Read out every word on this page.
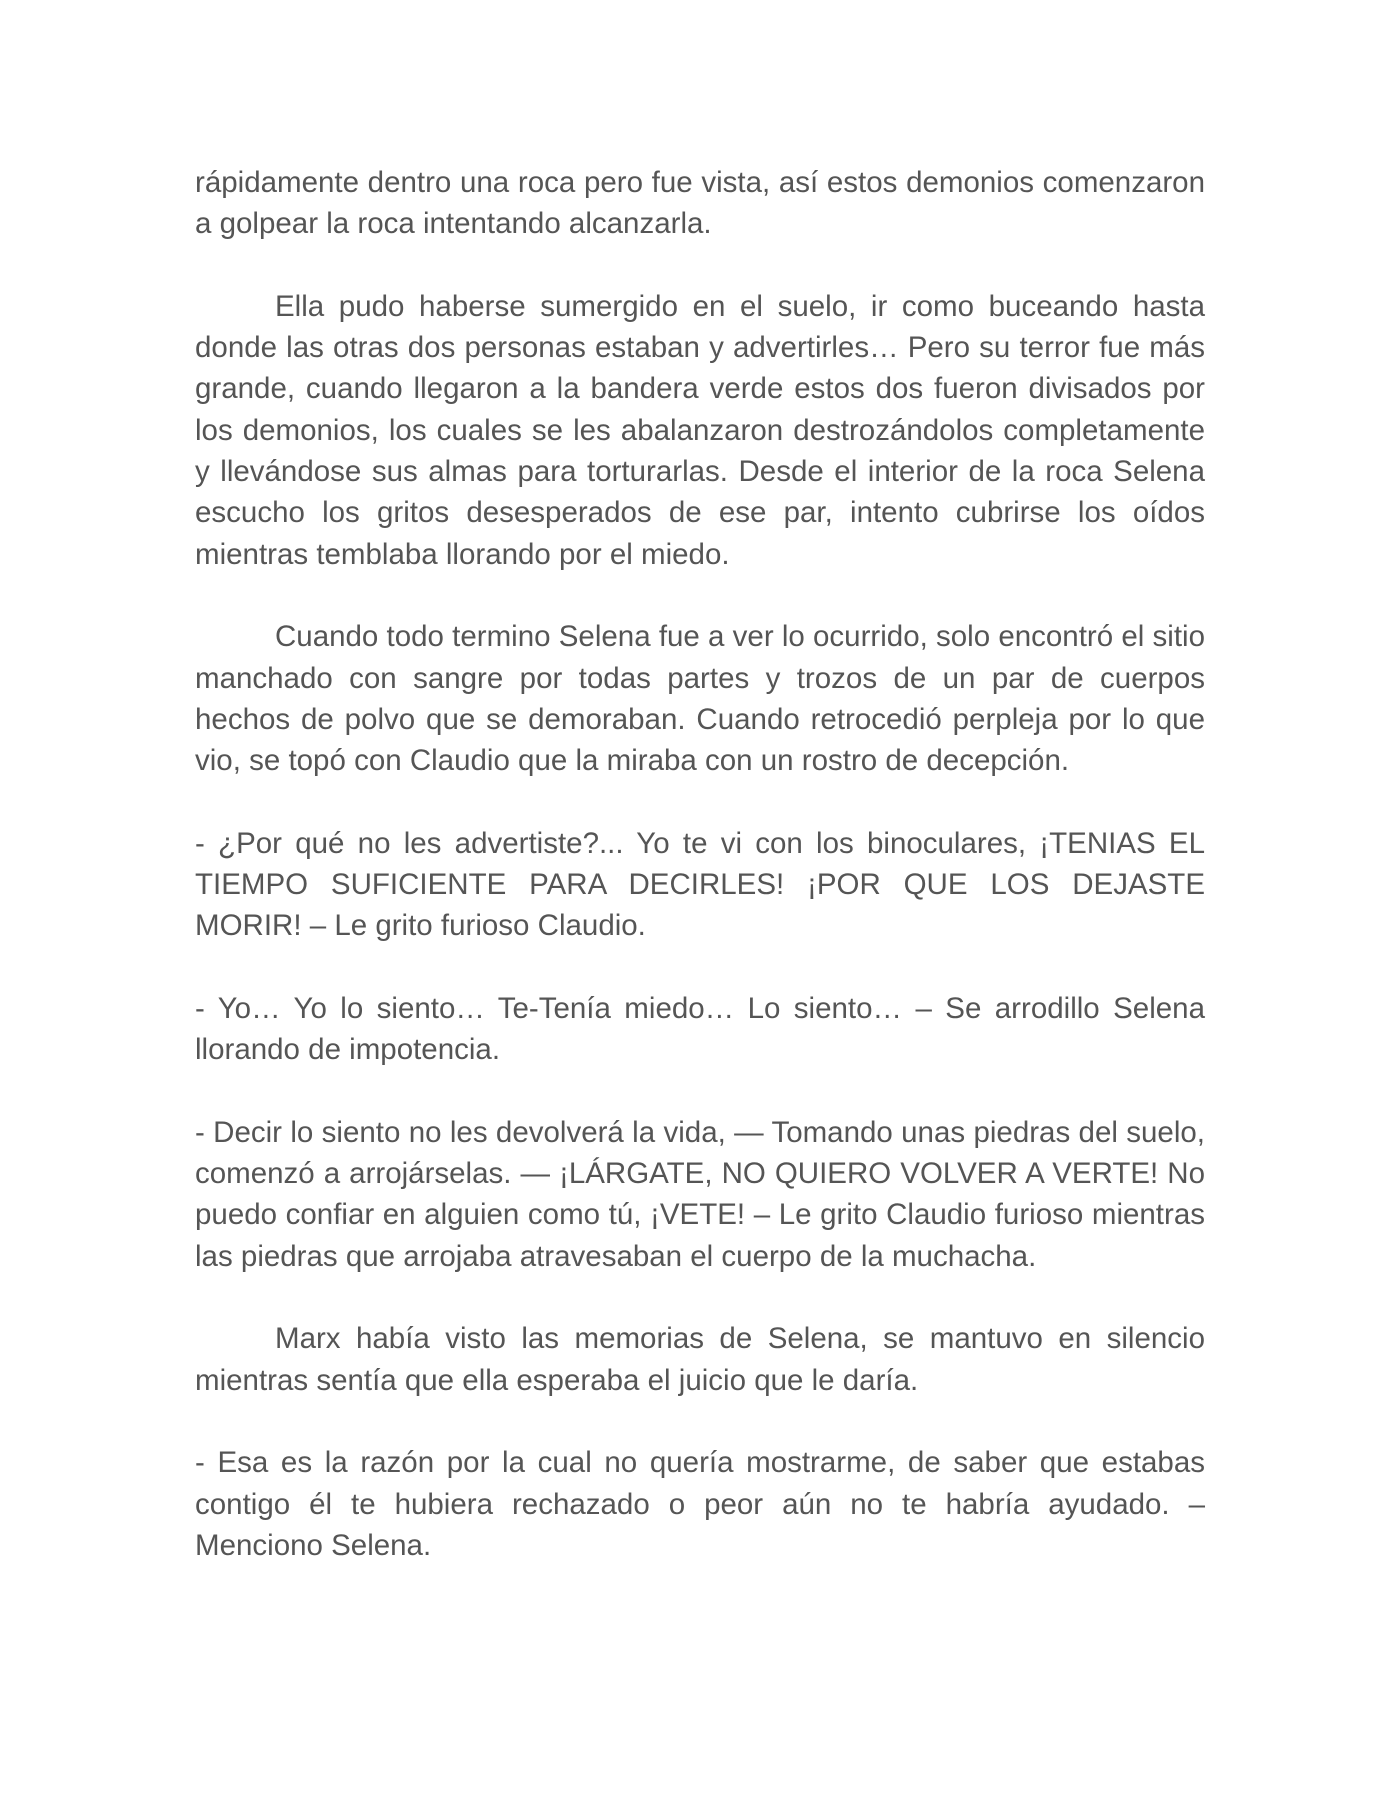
rápidamente dentro una roca pero fue vista, así estos demonios comenzaron a golpear la roca intentando alcanzarla.

Ella pudo haberse sumergido en el suelo, ir como buceando hasta donde las otras dos personas estaban y advertirles… Pero su terror fue más grande, cuando llegaron a la bandera verde estos dos fueron divisados por los demonios, los cuales se les abalanzaron destrozándolos completamente y llevándose sus almas para torturarlas. Desde el interior de la roca Selena escucho los gritos desesperados de ese par, intento cubrirse los oídos mientras temblaba llorando por el miedo.

Cuando todo termino Selena fue a ver lo ocurrido, solo encontró el sitio manchado con sangre por todas partes y trozos de un par de cuerpos hechos de polvo que se demoraban. Cuando retrocedió perpleja por lo que vio, se topó con Claudio que la miraba con un rostro de decepción.

- ¿Por qué no les advertiste?... Yo te vi con los binoculares, ¡TENIAS EL TIEMPO SUFICIENTE PARA DECIRLES! ¡POR QUE LOS DEJASTE MORIR! – Le grito furioso Claudio.

- Yo… Yo lo siento… Te-Tenía miedo… Lo siento… – Se arrodillo Selena llorando de impotencia.

- Decir lo siento no les devolverá la vida, — Tomando unas piedras del suelo, comenzó a arrojárselas. — ¡LÁRGATE, NO QUIERO VOLVER A VERTE! No puedo confiar en alguien como tú, ¡VETE! – Le grito Claudio furioso mientras las piedras que arrojaba atravesaban el cuerpo de la muchacha.

Marx había visto las memorias de Selena, se mantuvo en silencio mientras sentía que ella esperaba el juicio que le daría.

- Esa es la razón por la cual no quería mostrarme, de saber que estabas contigo él te hubiera rechazado o peor aún no te habría ayudado. – Menciono Selena.
